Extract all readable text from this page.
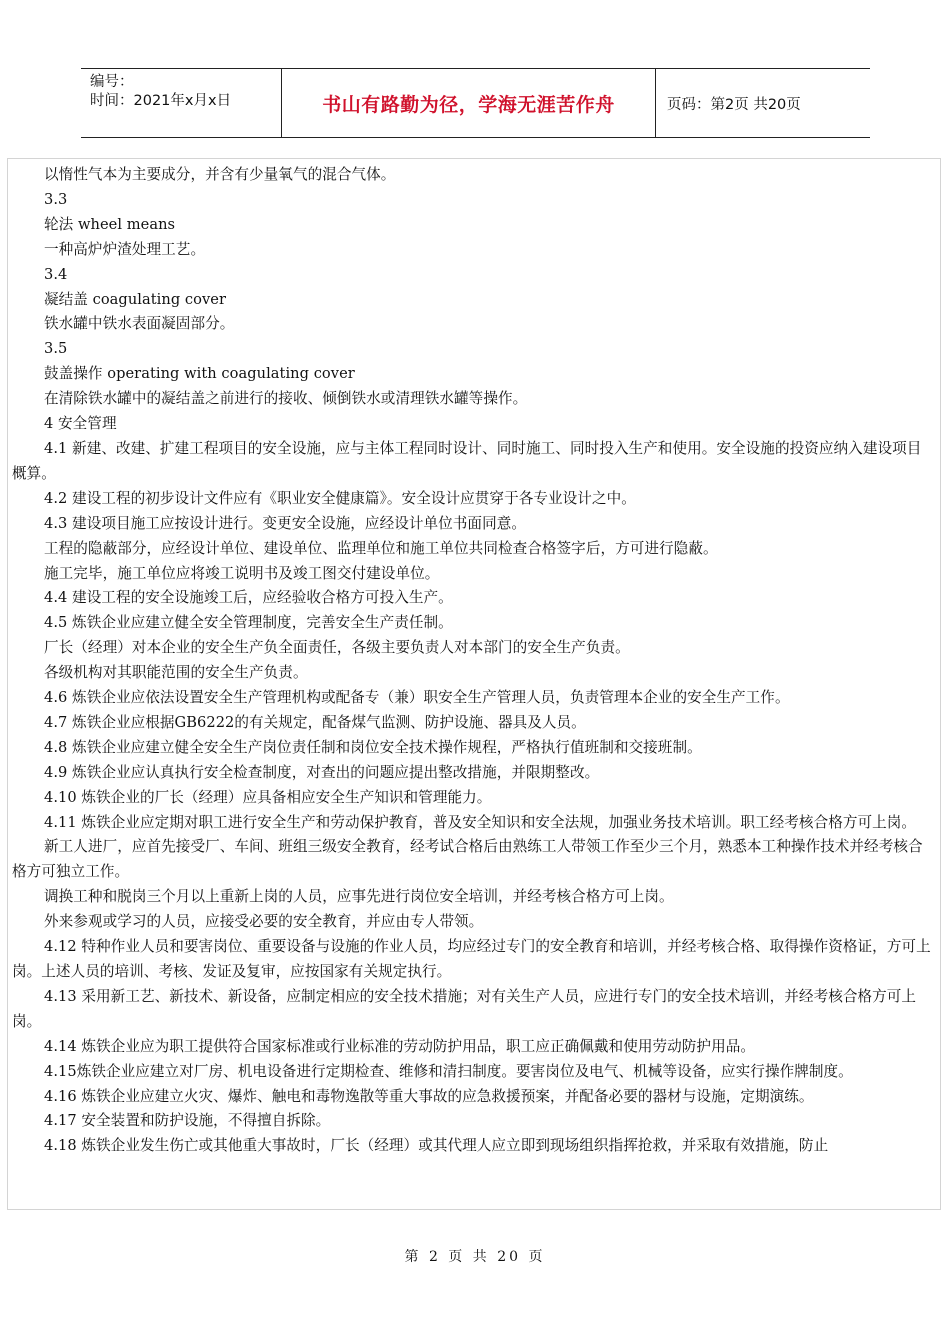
编号：
时间：2021年x月x日	书山有路勤为径，学海无涯苦作舟	页码：第2页 共20页

以惰性气本为主要成分，并含有少量氧气的混合气体。

3.3

轮法 wheel means

一种高炉炉渣处理工艺。

3.4

凝结盖 coagulating cover

铁水罐中铁水表面凝固部分。

3.5

鼓盖操作 operating with coagulating cover

在清除铁水罐中的凝结盖之前进行的接收、倾倒铁水或清理铁水罐等操作。

4 安全管理

4.1 新建、改建、扩建工程项目的安全设施，应与主体工程同时设计、同时施工、同时投入生产和使用。安全设施的投资应纳入建设项目概算。

4.2 建设工程的初步设计文件应有《职业安全健康篇》。安全设计应贯穿于各专业设计之中。

4.3 建设项目施工应按设计进行。变更安全设施，应经设计单位书面同意。

工程的隐蔽部分，应经设计单位、建设单位、监理单位和施工单位共同检查合格签字后，方可进行隐蔽。

施工完毕，施工单位应将竣工说明书及竣工图交付建设单位。

4.4 建设工程的安全设施竣工后，应经验收合格方可投入生产。

4.5 炼铁企业应建立健全安全管理制度，完善安全生产责任制。

厂长（经理）对本企业的安全生产负全面责任，各级主要负责人对本部门的安全生产负责。

各级机构对其职能范围的安全生产负责。

4.6 炼铁企业应依法设置安全生产管理机构或配备专（兼）职安全生产管理人员，负责管理本企业的安全生产工作。

4.7 炼铁企业应根据GB6222的有关规定，配备煤气监测、防护设施、器具及人员。

4.8 炼铁企业应建立健全安全生产岗位责任制和岗位安全技术操作规程，严格执行值班制和交接班制。

4.9 炼铁企业应认真执行安全检查制度，对查出的问题应提出整改措施，并限期整改。

4.10 炼铁企业的厂长（经理）应具备相应安全生产知识和管理能力。

4.11 炼铁企业应定期对职工进行安全生产和劳动保护教育，普及安全知识和安全法规，加强业务技术培训。职工经考核合格方可上岗。

新工人进厂，应首先接受厂、车间、班组三级安全教育，经考试合格后由熟练工人带领工作至少三个月，熟悉本工种操作技术并经考核合格方可独立工作。

调换工种和脱岗三个月以上重新上岗的人员，应事先进行岗位安全培训，并经考核合格方可上岗。

外来参观或学习的人员，应接受必要的安全教育，并应由专人带领。

4.12 特种作业人员和要害岗位、重要设备与设施的作业人员，均应经过专门的安全教育和培训，并经考核合格、取得操作资格证，方可上岗。上述人员的培训、考核、发证及复审，应按国家有关规定执行。

4.13 采用新工艺、新技术、新设备，应制定相应的安全技术措施；对有关生产人员，应进行专门的安全技术培训，并经考核合格方可上岗。

4.14 炼铁企业应为职工提供符合国家标准或行业标准的劳动防护用品，职工应正确佩戴和使用劳动防护用品。

4.15炼铁企业应建立对厂房、机电设备进行定期检查、维修和清扫制度。要害岗位及电气、机械等设备，应实行操作牌制度。

4.16 炼铁企业应建立火灾、爆炸、触电和毒物逸散等重大事故的应急救援预案，并配备必要的器材与设施，定期演练。

4.17 安全装置和防护设施，不得擅自拆除。

4.18 炼铁企业发生伤亡或其他重大事故时，厂长（经理）或其代理人应立即到现场组织指挥抢救，并采取有效措施，防止

第 2 页 共 20 页
